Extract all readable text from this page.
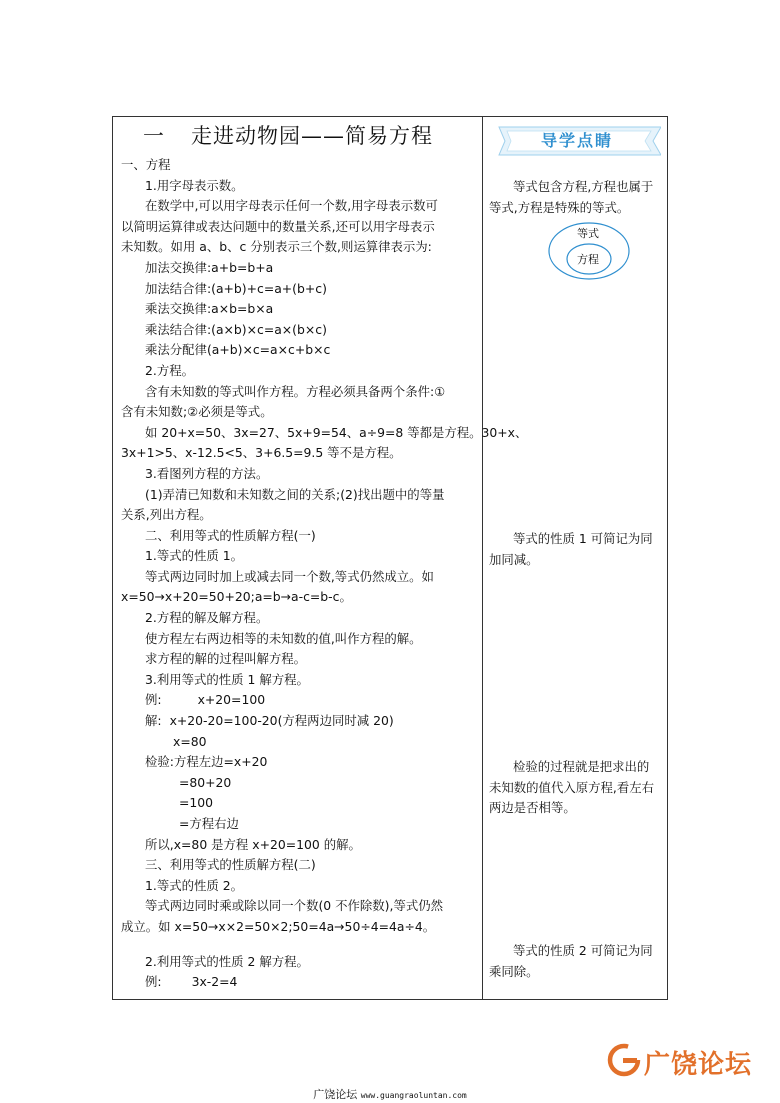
一 走进动物园——简易方程
一、方程
1.用字母表示数。
在数学中,可以用字母表示任何一个数,用字母表示数可
以简明运算律或表达问题中的数量关系,还可以用字母表示
未知数。如用 a、b、c 分别表示三个数,则运算律表示为:
加法交换律:a+b=b+a
加法结合律:(a+b)+c=a+(b+c)
乘法交换律:a×b=b×a
乘法结合律:(a×b)×c=a×(b×c)
乘法分配律(a+b)×c=a×c+b×c
2.方程。
含有未知数的等式叫作方程。方程必须具备两个条件:①
含有未知数;②必须是等式。
如 20+x=50、3x=27、5x+9=54、a÷9=8 等都是方程。30+x、
3x+1>5、x-12.5<5、3+6.5=9.5 等不是方程。
3.看图列方程的方法。
(1)弄清已知数和未知数之间的关系;(2)找出题中的等量
关系,列出方程。
二、利用等式的性质解方程(一)
1.等式的性质 1。
等式两边同时加上或减去同一个数,等式仍然成立。如
x=50→x+20=50+20;a=b→a-c=b-c。
2.方程的解及解方程。
使方程左右两边相等的未知数的值,叫作方程的解。
求方程的解的过程叫解方程。
3.利用等式的性质 1 解方程。
例:	x+20=100
解: x+20-20=100-20(方程两边同时减 20)
x=80
检验:方程左边=x+20
=80+20
=100
=方程右边
所以,x=80 是方程 x+20=100 的解。
三、利用等式的性质解方程(二)
1.等式的性质 2。
等式两边同时乘或除以同一个数(0 不作除数),等式仍然
成立。如 x=50→x×2=50×2;50=4a→50÷4=4a÷4。
2.利用等式的性质 2 解方程。
例: 3x-2=4
导学点睛

等式包含方程,方程也属于等式,方程是特殊的等式。

等式
方程

等式的性质 1 可简记为同加同减。

检验的过程就是把求出的未知数的值代入原方程,看左右两边是否相等。

等式的性质 2 可简记为同乘同除。

广饶论坛
广饶论坛 www.guangraoluntan.com
